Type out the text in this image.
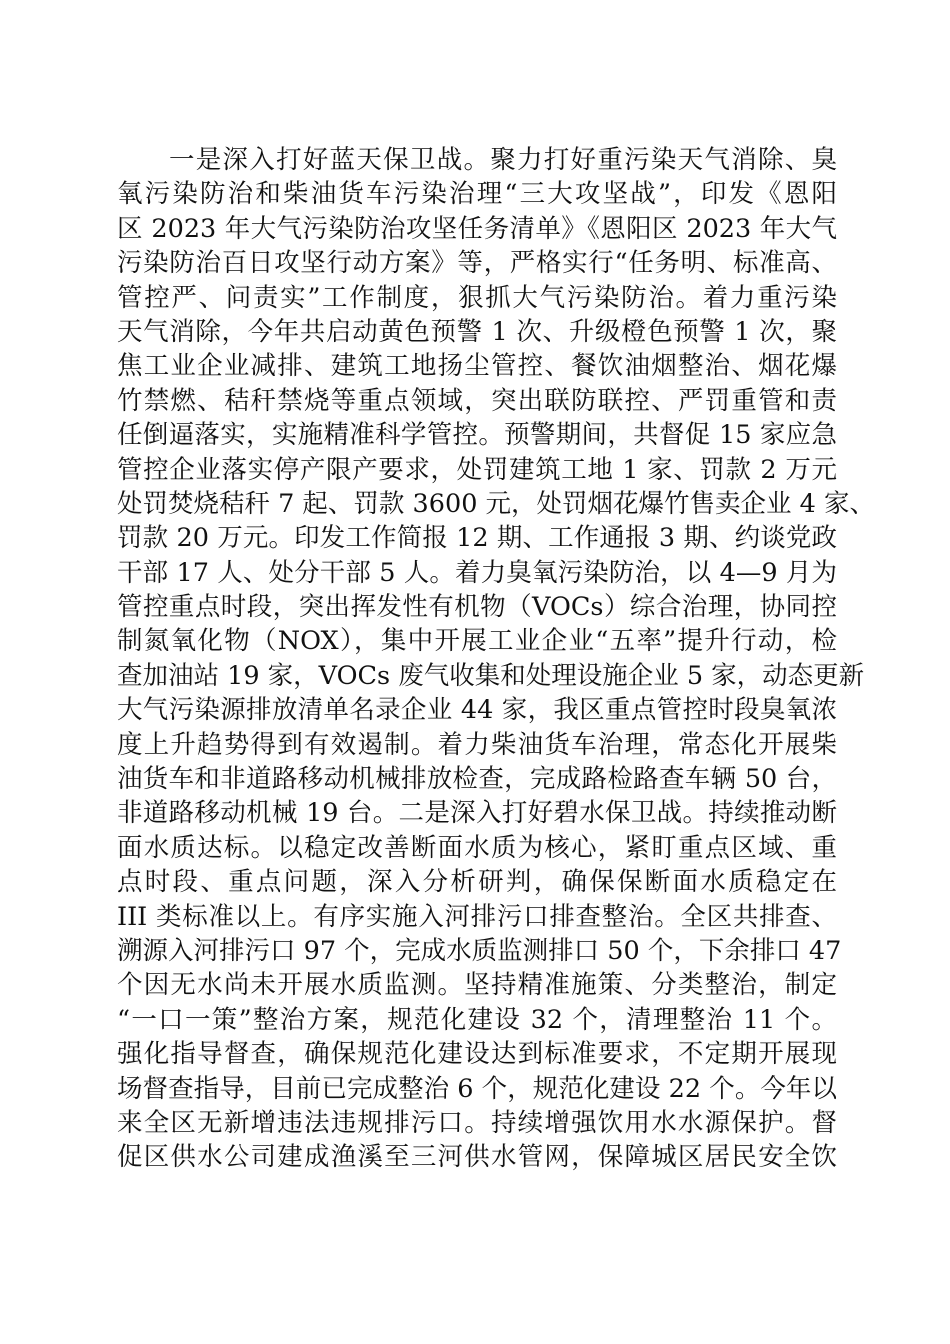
一是深入打好蓝天保卫战。聚力打好重污染天气消除、臭
氧污染防治和柴油货车污染治理“三大攻坚战”，印发《恩阳
区 2023 年大气污染防治攻坚任务清单》《恩阳区 2023 年大气
污染防治百日攻坚行动方案》等，严格实行“任务明、标准高、
管控严、问责实”工作制度，狠抓大气污染防治。着力重污染
天气消除，今年共启动黄色预警 1 次、升级橙色预警 1 次，聚
焦工业企业减排、建筑工地扬尘管控、餐饮油烟整治、烟花爆
竹禁燃、秸秆禁烧等重点领域，突出联防联控、严罚重管和责
任倒逼落实，实施精准科学管控。预警期间，共督促 15 家应急
管控企业落实停产限产要求，处罚建筑工地 1 家、罚款 2 万元
处罚焚烧秸秆 7 起、罚款 3600 元，处罚烟花爆竹售卖企业 4 家、
罚款 20 万元。印发工作简报 12 期、工作通报 3 期、约谈党政
干部 17 人、处分干部 5 人。着力臭氧污染防治，以 4—9 月为
管控重点时段，突出挥发性有机物（VOCs）综合治理，协同控
制氮氧化物（NOX），集中开展工业企业“五率”提升行动，检
查加油站 19 家，VOCs 废气收集和处理设施企业 5 家，动态更新
大气污染源排放清单名录企业 44 家，我区重点管控时段臭氧浓
度上升趋势得到有效遏制。着力柴油货车治理，常态化开展柴
油货车和非道路移动机械排放检查，完成路检路查车辆 50 台，
非道路移动机械 19 台。二是深入打好碧水保卫战。持续推动断
面水质达标。以稳定改善断面水质为核心，紧盯重点区域、重
点时段、重点问题，深入分析研判，确保保断面水质稳定在
III 类标准以上。有序实施入河排污口排查整治。全区共排查、
溯源入河排污口 97 个，完成水质监测排口 50 个，下余排口 47
个因无水尚未开展水质监测。坚持精准施策、分类整治，制定
“一口一策”整治方案，规范化建设 32 个，清理整治 11 个。
强化指导督查，确保规范化建设达到标准要求，不定期开展现
场督查指导，目前已完成整治 6 个，规范化建设 22 个。今年以
来全区无新增违法违规排污口。持续增强饮用水水源保护。督
促区供水公司建成渔溪至三河供水管网，保障城区居民安全饮
